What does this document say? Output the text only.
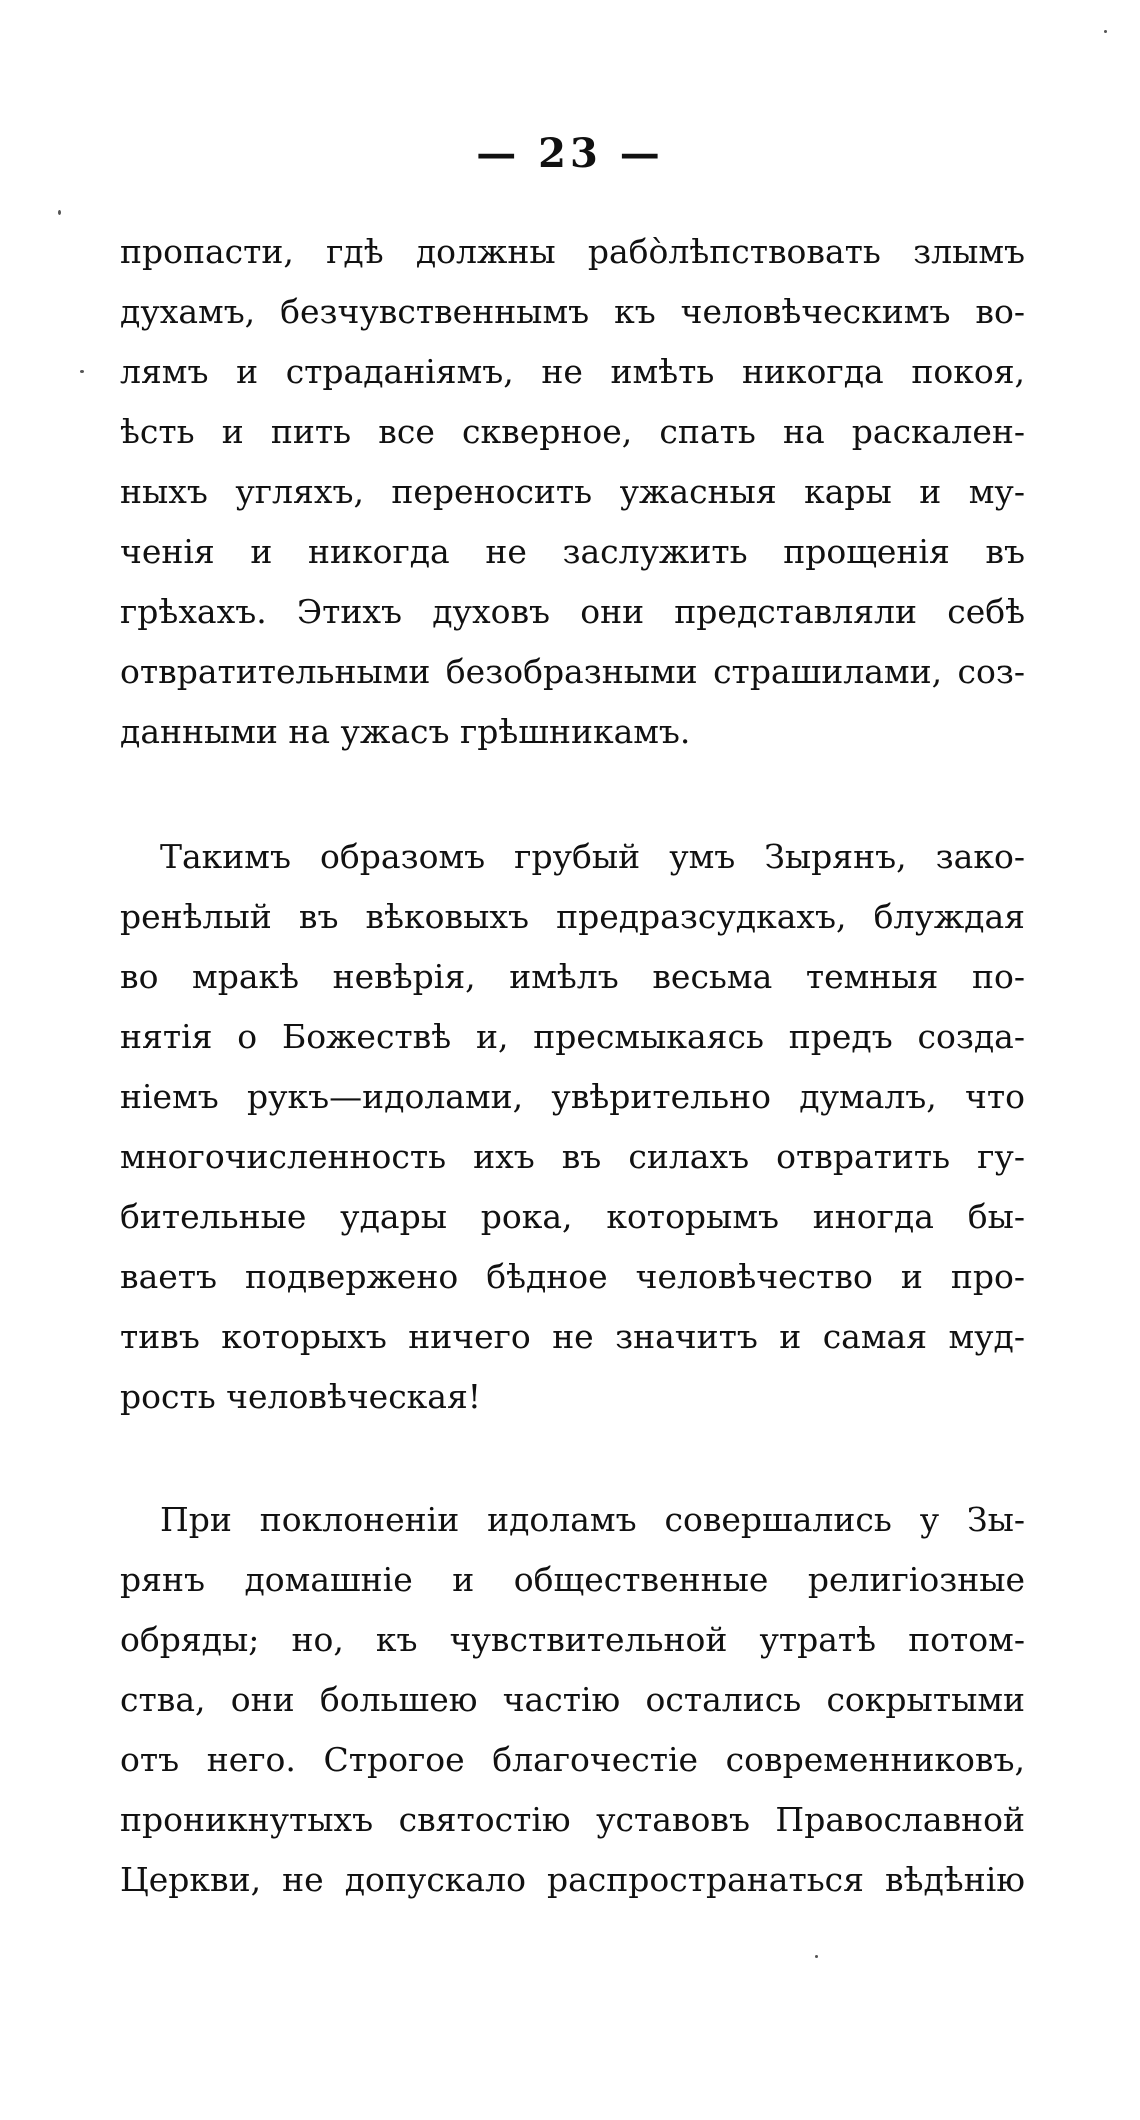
— 23 —
пропасти, гдѣ должны рабо̀лѣпствовать злымъ
духамъ, безчувственнымъ къ человѣческимъ во-
лямъ и страданіямъ, не имѣть никогда покоя,
ѣсть и пить все скверное, спать на раскален-
ныхъ угляхъ, переносить ужасныя кары и му-
ченія и никогда не заслужить прощенія въ
грѣхахъ. Этихъ духовъ они представляли себѣ
отвратительными безобразными страшилами, соз-
данными на ужасъ грѣшникамъ.
Такимъ образомъ грубый умъ Зырянъ, зако-
ренѣлый въ вѣковыхъ предразсудкахъ, блуждая
во мракѣ невѣрія, имѣлъ весьма темныя по-
нятія о Божествѣ и, пресмыкаясь предъ созда-
ніемъ рукъ—идолами, увѣрительно думалъ, что
многочисленность ихъ въ силахъ отвратить гу-
бительные удары рока, которымъ иногда бы-
ваетъ подвержено бѣдное человѣчество и про-
тивъ которыхъ ничего не значитъ и самая муд-
рость человѣческая!
При поклоненіи идоламъ совершались у Зы-
рянъ домашніе и общественные религіозные
обряды; но, къ чувствительной утратѣ потом-
ства, они большею частію остались сокрытыми
отъ него. Строгое благочестіе современниковъ,
проникнутыхъ святостію уставовъ Православной
Церкви, не допускало распространаться вѣдѣнію
